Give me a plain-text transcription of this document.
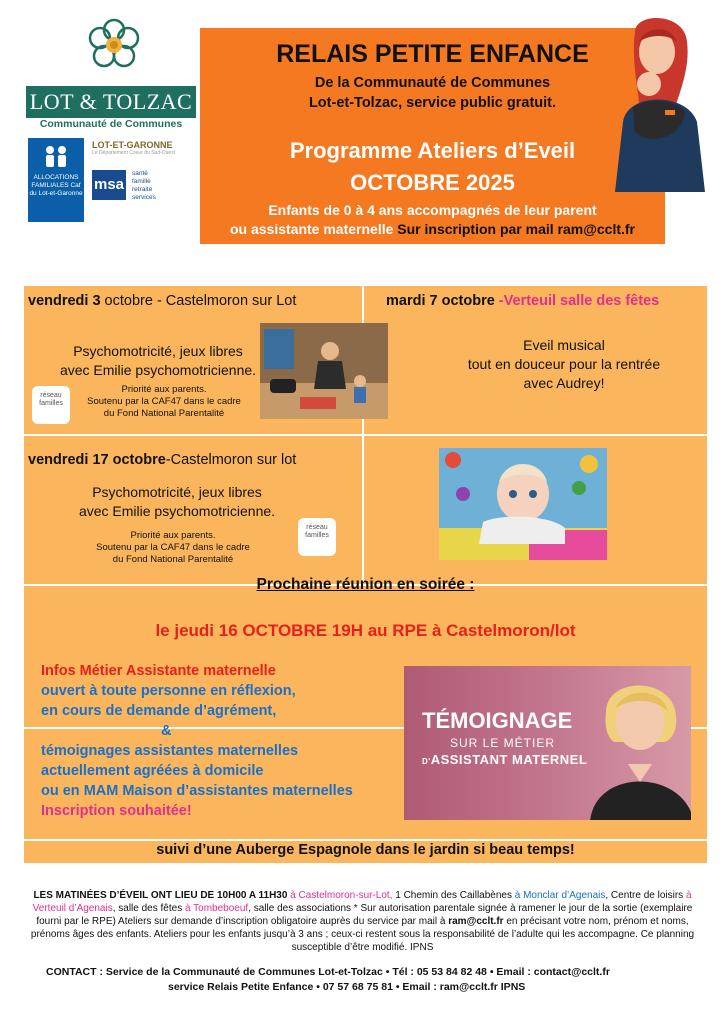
LOT & TOLZAC
Communauté de Communes
ALLOCATIONS FAMILIALES Caf du Lot-et-Garonne
LOT-ET-GARONNE
Le Département Coeur du Sud-Ouest
msa
santé
famille
retraite
services
RELAIS PETITE ENFANCE
De la Communauté de Communes
Lot-et-Tolzac, service public gratuit.
Programme Ateliers d’Eveil
OCTOBRE 2025
Enfants de 0 à 4 ans accompagnés de leur parent
ou assistante maternelle Sur inscription par mail ram@cclt.fr
vendredi 3 octobre - Castelmoron sur Lot
Psychomotricité, jeux libres
avec Emilie psychomotricienne.
réseau familles
Priorité aux parents.
Soutenu par la CAF47 dans le cadre
du Fond National Parentalité
mardi 7 octobre -Verteuil salle des fêtes
Eveil musical
tout en douceur pour la rentrée
avec Audrey!
vendredi 17 octobre-Castelmoron sur lot
Psychomotricité, jeux libres
avec Emilie psychomotricienne.
Priorité aux parents.
Soutenu par la CAF47 dans le cadre
du Fond National Parentalité
réseau familles
Prochaine réunion en soirée :
le jeudi 16 OCTOBRE 19H au RPE à Castelmoron/lot
Infos Métier Assistante maternelle
ouvert à toute personne en réflexion,
en cours de demande d’agrément,
&
témoignages assistantes maternelles
actuellement agréées à domicile
ou en MAM Maison d’assistantes maternelles
Inscription souhaitée!
TÉMOIGNAGE
SUR LE MÉTIER
D'ASSISTANT MATERNEL
suivi d’une Auberge Espagnole dans le jardin si beau temps!
LES MATINÉES D’ÉVEIL ONT LIEU DE 10H00 A 11H30 à Castelmoron-sur-Lot, 1 Chemin des Caillabènes à Monclar d’Agenais, Centre de loisirs à Verteuil d’Agenais, salle des fêtes à Tombeboeuf, salle des associations * Sur autorisation parentale signée à ramener le jour de la sortie (exemplaire fourni par le RPE) Ateliers sur demande d’inscription obligatoire auprès du service par mail à ram@cclt.fr en précisant votre nom, prénom et noms, prénoms âges des enfants. Ateliers pour les enfants jusqu’à 3 ans ; ceux-ci restent sous la responsabilité de l’adulte qui les accompagne. Ce planning susceptible d’être modifié. IPNS
CONTACT : Service de la Communauté de Communes Lot-et-Tolzac • Tél : 05 53 84 82 48 • Email : contact@cclt.fr
service Relais Petite Enfance • 07 57 68 75 81 • Email : ram@cclt.fr IPNS
